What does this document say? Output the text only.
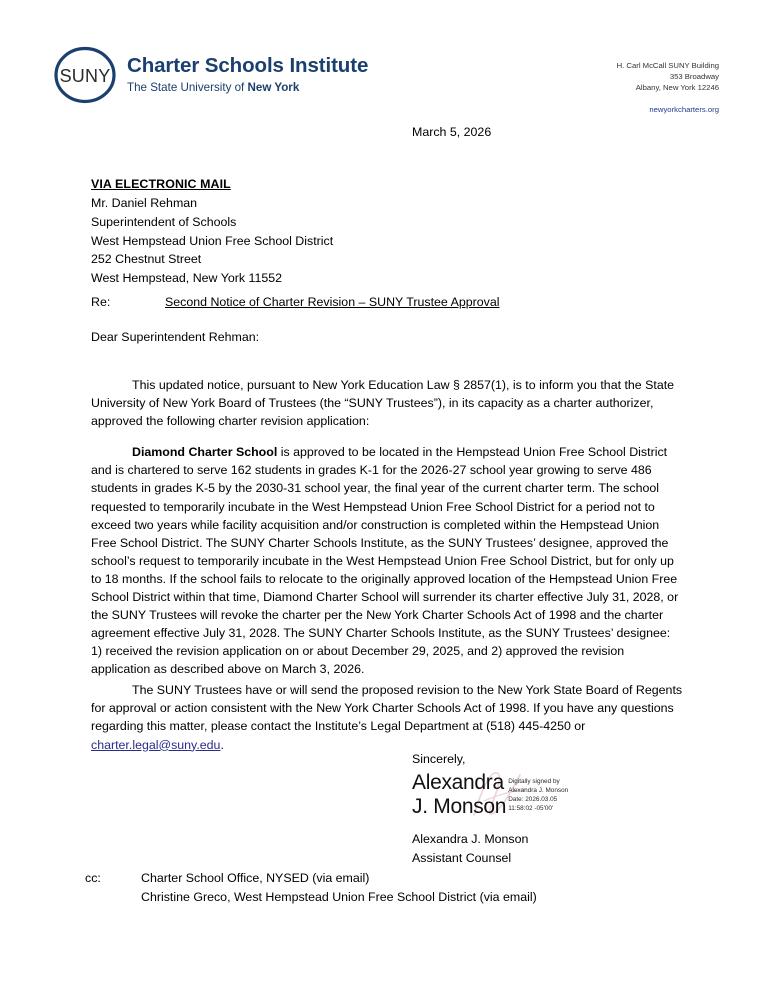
SUNY Charter Schools Institute
The State University of New York
H. Carl McCall SUNY Building
353 Broadway
Albany, New York 12246
newyorkcharters.org
March 5, 2026
VIA ELECTRONIC MAIL
Mr. Daniel Rehman
Superintendent of Schools
West Hempstead Union Free School District
252 Chestnut Street
West Hempstead, New York 11552
Re:	Second Notice of Charter Revision – SUNY Trustee Approval
Dear Superintendent Rehman:

This updated notice, pursuant to New York Education Law § 2857(1), is to inform you that the State University of New York Board of Trustees (the “SUNY Trustees”), in its capacity as a charter authorizer, approved the following charter revision application:

Diamond Charter School is approved to be located in the Hempstead Union Free School District and is chartered to serve 162 students in grades K-1 for the 2026-27 school year growing to serve 486 students in grades K-5 by the 2030-31 school year, the final year of the current charter term. The school requested to temporarily incubate in the West Hempstead Union Free School District for a period not to exceed two years while facility acquisition and/or construction is completed within the Hempstead Union Free School District. The SUNY Charter Schools Institute, as the SUNY Trustees’ designee, approved the school’s request to temporarily incubate in the West Hempstead Union Free School District, but for only up to 18 months. If the school fails to relocate to the originally approved location of the Hempstead Union Free School District within that time, Diamond Charter School will surrender its charter effective July 31, 2028, or the SUNY Trustees will revoke the charter per the New York Charter Schools Act of 1998 and the charter agreement effective July 31, 2028. The SUNY Charter Schools Institute, as the SUNY Trustees’ designee: 1) received the revision application on or about December 29, 2025, and 2) approved the revision application as described above on March 3, 2026.

The SUNY Trustees have or will send the proposed revision to the New York State Board of Regents for approval or action consistent with the New York Charter Schools Act of 1998. If you have any questions regarding this matter, please contact the Institute’s Legal Department at (518) 445-4250 or charter.legal@suny.edu.

Sincerely,
Alexandra
J. Monson
Digitally signed by
Alexandra J. Monson
Date: 2026.03.05
11:58:02 -05'00'
Alexandra J. Monson
Assistant Counsel
cc:	Charter School Office, NYSED (via email)
Christine Greco, West Hempstead Union Free School District (via email)
